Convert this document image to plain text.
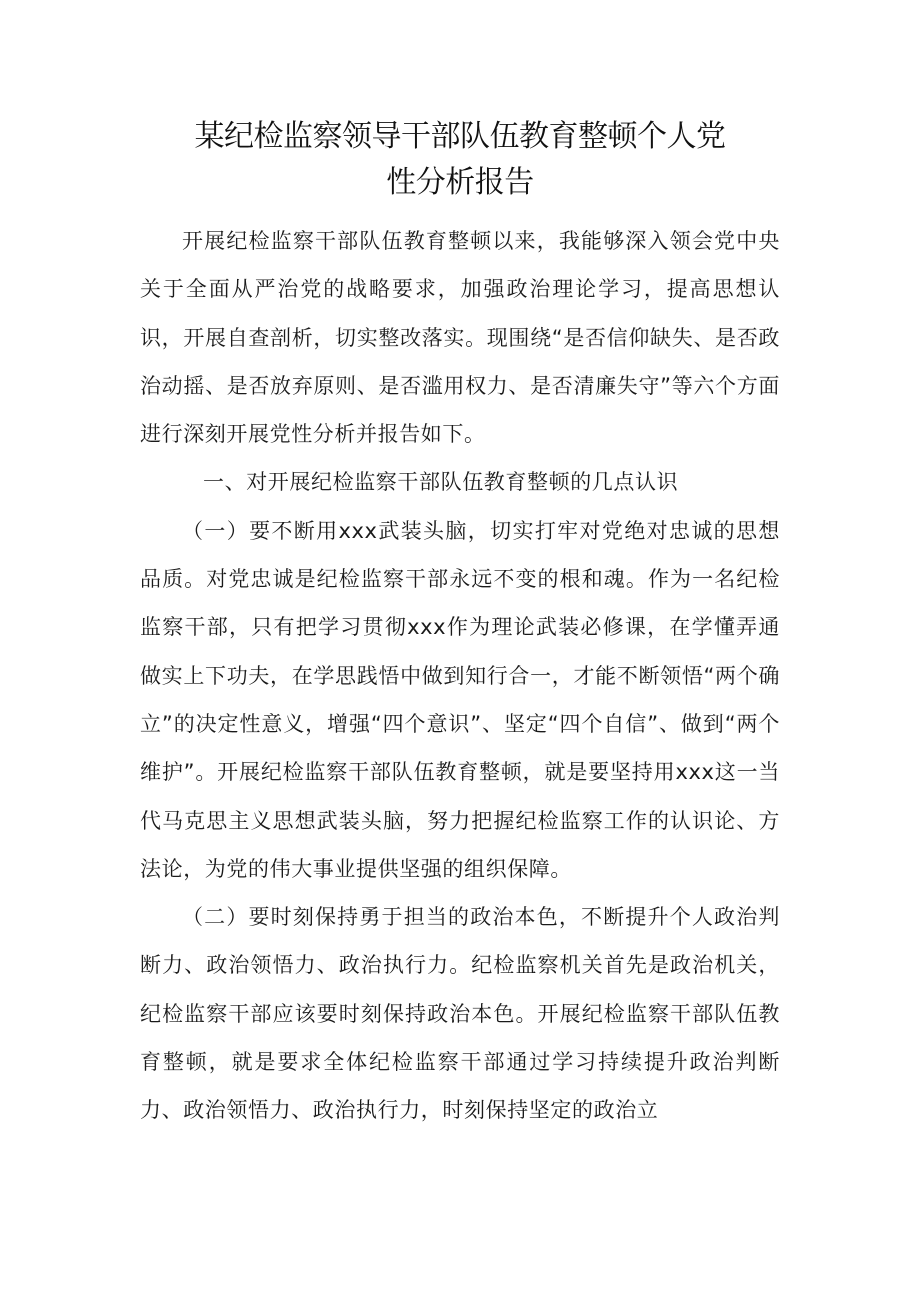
某纪检监察领导干部队伍教育整顿个人党
性分析报告

开展纪检监察干部队伍教育整顿以来，我能够深入领会党中央关于全面从严治党的战略要求，加强政治理论学习，提高思想认识，开展自查剖析，切实整改落实。现围绕“是否信仰缺失、是否政治动摇、是否放弃原则、是否滥用权力、是否清廉失守”等六个方面进行深刻开展党性分析并报告如下。

一、对开展纪检监察干部队伍教育整顿的几点认识

（一）要不断用xxx武装头脑，切实打牢对党绝对忠诚的思想品质。对党忠诚是纪检监察干部永远不变的根和魂。作为一名纪检监察干部，只有把学习贯彻xxx作为理论武装必修课，在学懂弄通做实上下功夫，在学思践悟中做到知行合一，才能不断领悟“两个确立”的决定性意义，增强“四个意识”、坚定“四个自信”、做到“两个维护”。开展纪检监察干部队伍教育整顿，就是要坚持用xxx这一当代马克思主义思想武装头脑，努力把握纪检监察工作的认识论、方法论，为党的伟大事业提供坚强的组织保障。

（二）要时刻保持勇于担当的政治本色，不断提升个人政治判断力、政治领悟力、政治执行力。纪检监察机关首先是政治机关，纪检监察干部应该要时刻保持政治本色。开展纪检监察干部队伍教育整顿，就是要求全体纪检监察干部通过学习持续提升政治判断力、政治领悟力、政治执行力，时刻保持坚定的政治立
